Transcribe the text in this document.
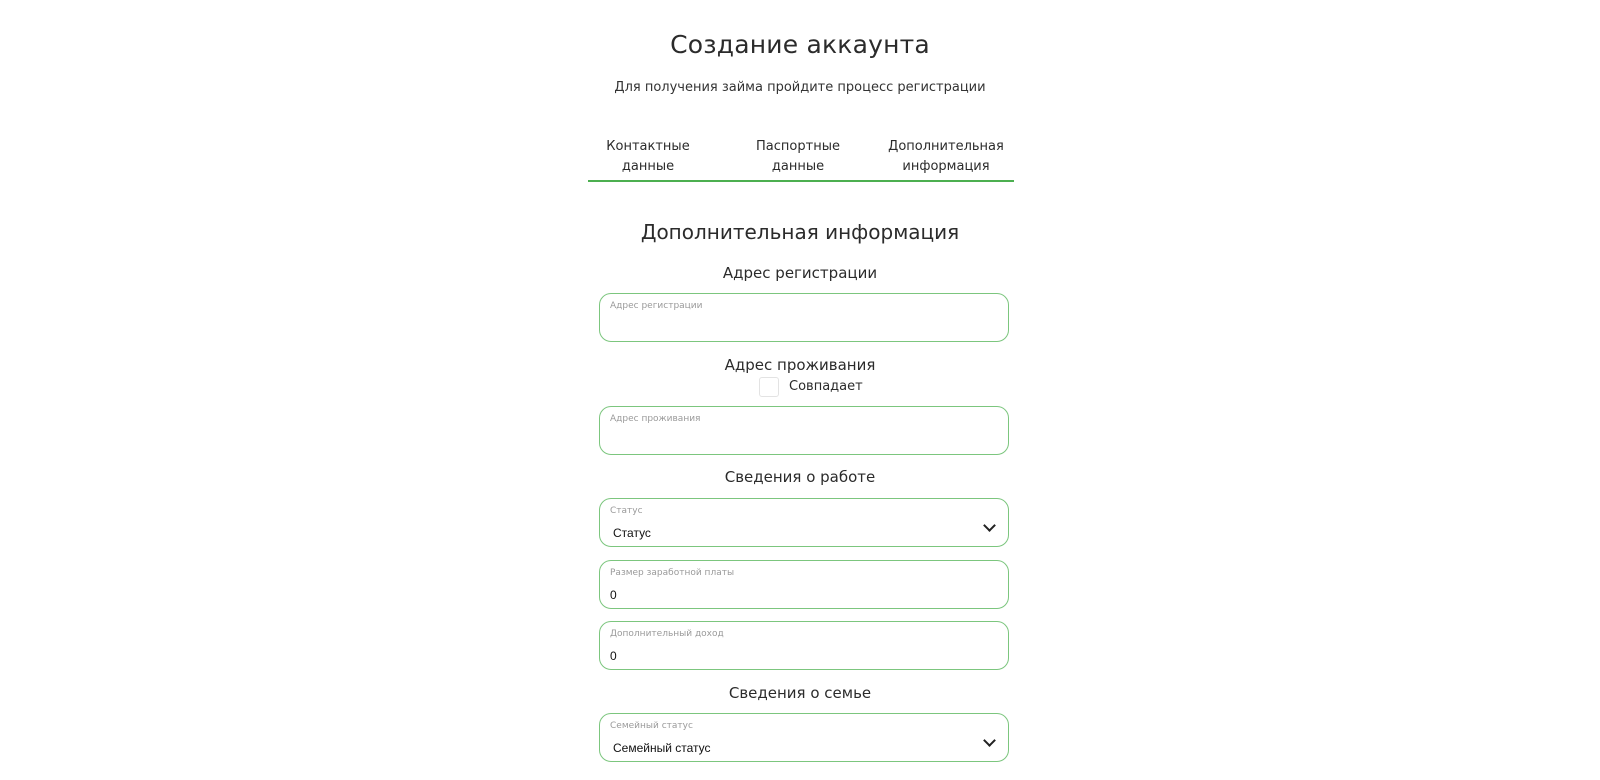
Создание аккаунта
Для получения займа пройдите процесс регистрации
Контактные данные
Паспортные данные
Дополнительная
информация
Дополнительная информация
Адрес регистрации
Адрес регистрации
Адрес проживания
Совпадает
Адрес проживания
Сведения о работе
Статус
Статус
Размер заработной платы
0
Дополнительный доход
0
Сведения о семье
Семейный статус
Семейный статус
